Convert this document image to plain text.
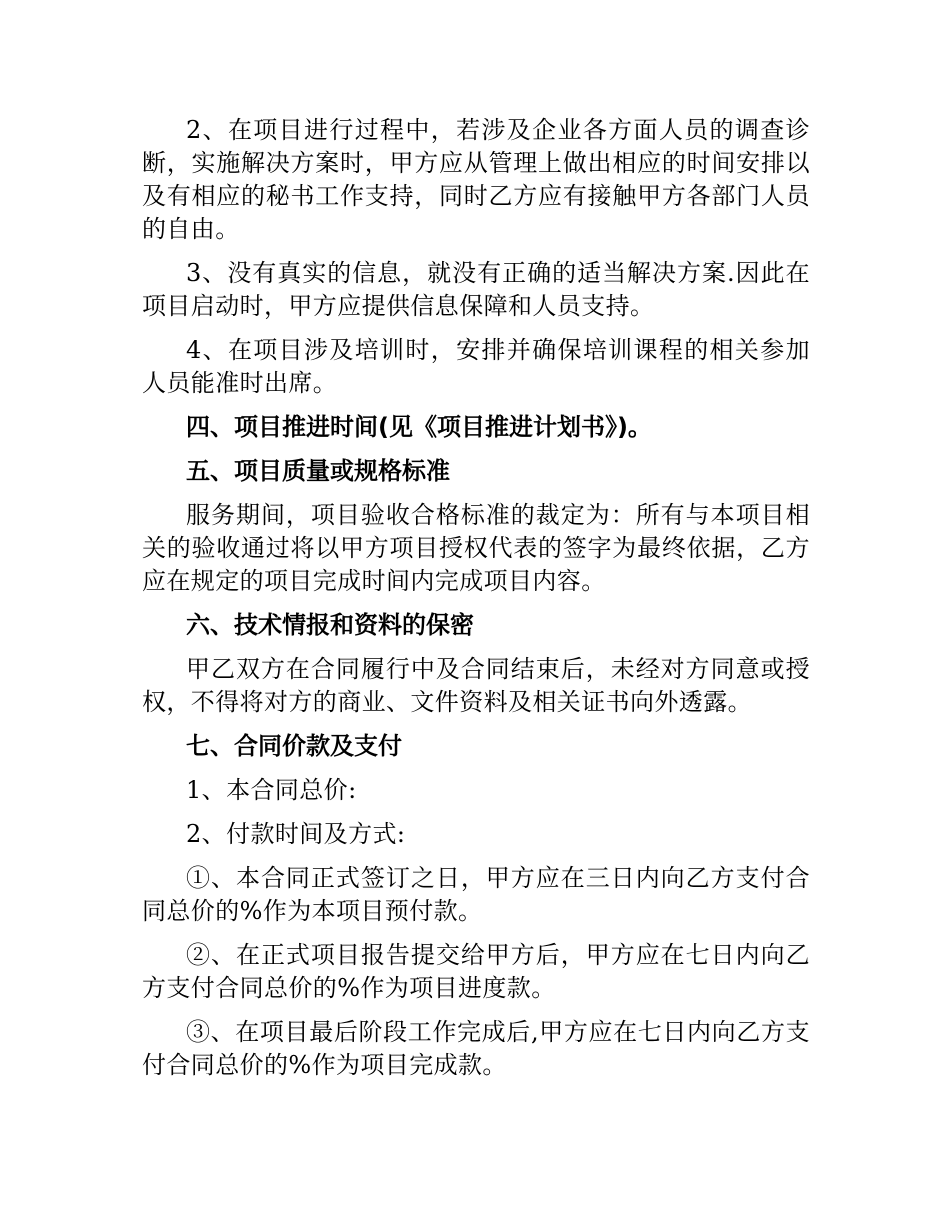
2、在项目进行过程中，若涉及企业各方面人员的调查诊断，实施解决方案时，甲方应从管理上做出相应的时间安排以及有相应的秘书工作支持，同时乙方应有接触甲方各部门人员的自由。

3、没有真实的信息，就没有正确的适当解决方案.因此在项目启动时，甲方应提供信息保障和人员支持。

4、在项目涉及培训时，安排并确保培训课程的相关参加人员能准时出席。

四、项目推进时间(见《项目推进计划书》)。

五、项目质量或规格标准

服务期间，项目验收合格标准的裁定为：所有与本项目相关的验收通过将以甲方项目授权代表的签字为最终依据，乙方应在规定的项目完成时间内完成项目内容。

六、技术情报和资料的保密

甲乙双方在合同履行中及合同结束后，未经对方同意或授权，不得将对方的商业、文件资料及相关证书向外透露。

七、合同价款及支付

1、本合同总价:

2、付款时间及方式:

①、本合同正式签订之日，甲方应在三日内向乙方支付合同总价的%作为本项目预付款。

②、在正式项目报告提交给甲方后，甲方应在七日内向乙方支付合同总价的%作为项目进度款。

③、在项目最后阶段工作完成后,甲方应在七日内向乙方支付合同总价的%作为项目完成款。
